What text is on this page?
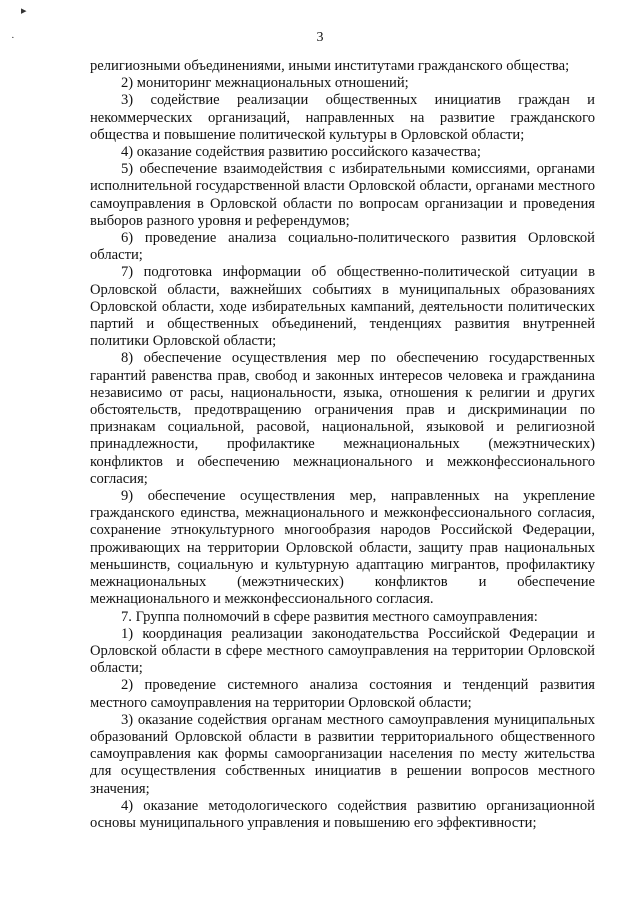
▸
·	3

религиозными объединениями, иными институтами гражданского общества;

2) мониторинг межнациональных отношений;

3) содействие реализации общественных инициатив граждан и некоммерческих организаций, направленных на развитие гражданского общества и повышение политической культуры в Орловской области;

4) оказание содействия развитию российского казачества;

5) обеспечение взаимодействия с избирательными комиссиями, органами исполнительной государственной власти Орловской области, органами местного самоуправления в Орловской области по вопросам организации и проведения выборов разного уровня и референдумов;

6) проведение анализа социально-политического развития Орловской области;

7) подготовка информации об общественно-политической ситуации в Орловской области, важнейших событиях в муниципальных образованиях Орловской области, ходе избирательных кампаний, деятельности политических партий и общественных объединений, тенденциях развития внутренней политики Орловской области;

8) обеспечение осуществления мер по обеспечению государственных гарантий равенства прав, свобод и законных интересов человека и гражданина независимо от расы, национальности, языка, отношения к религии и других обстоятельств, предотвращению ограничения прав и дискриминации по признакам социальной, расовой, национальной, языковой и религиозной принадлежности, профилактике межнациональных (межэтнических) конфликтов и обеспечению межнационального и межконфессионального согласия;

9) обеспечение осуществления мер, направленных на укрепление гражданского единства, межнационального и межконфессионального согласия, сохранение этнокультурного многообразия народов Российской Федерации, проживающих на территории Орловской области, защиту прав национальных меньшинств, социальную и культурную адаптацию мигрантов, профилактику межнациональных (межэтнических) конфликтов и обеспечение межнационального и межконфессионального согласия.

7. Группа полномочий в сфере развития местного самоуправления:

1) координация реализации законодательства Российской Федерации и Орловской области в сфере местного самоуправления на территории Орловской области;

2) проведение системного анализа состояния и тенденций развития местного самоуправления на территории Орловской области;

3) оказание содействия органам местного самоуправления муниципальных образований Орловской области в развитии территориального общественного самоуправления как формы самоорганизации населения по месту жительства для осуществления собственных инициатив в решении вопросов местного значения;

4) оказание методологического содействия развитию организационной основы муниципального управления и повышению его эффективности;
